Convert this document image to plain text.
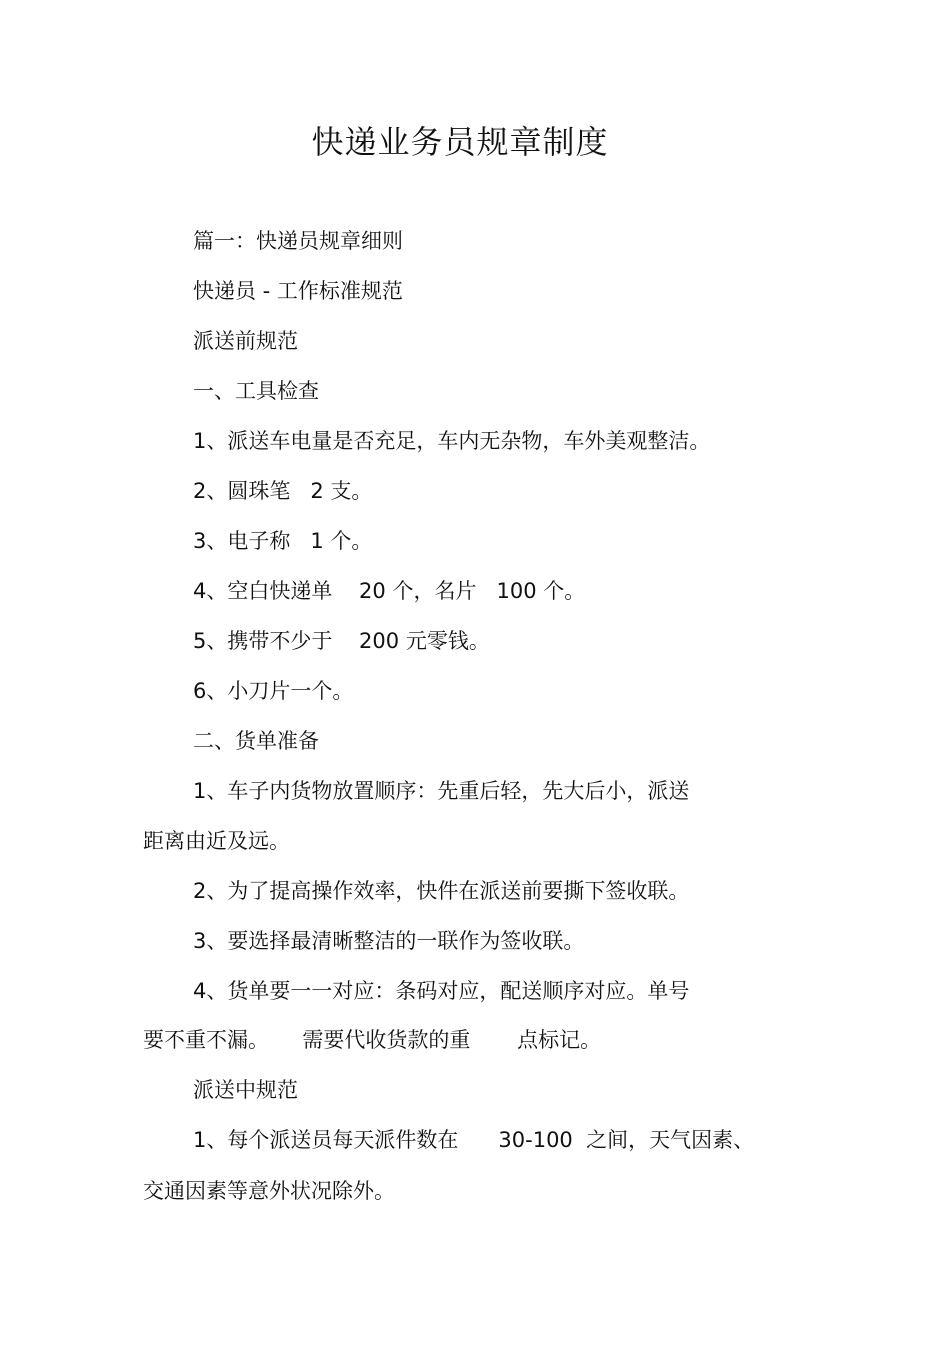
快递业务员规章制度
篇一：快递员规章细则
快递员 - 工作标准规范
派送前规范
一、工具检查
1、派送车电量是否充足，车内无杂物，车外美观整洁。
2、圆珠笔   2 支。
3、电子称   1 个。
4、空白快递单    20 个，名片   100 个。
5、携带不少于    200 元零钱。
6、小刀片一个。
二、货单准备
1、车子内货物放置顺序：先重后轻，先大后小，派送
距离由近及远。
2、为了提高操作效率，快件在派送前要撕下签收联。
3、要选择最清晰整洁的一联作为签收联。
4、货单要一一对应：条码对应，配送顺序对应。单号
要不重不漏。     需要代收货款的重       点标记。
派送中规范
1、每个派送员每天派件数在      30-100  之间，天气因素、
交通因素等意外状况除外。
